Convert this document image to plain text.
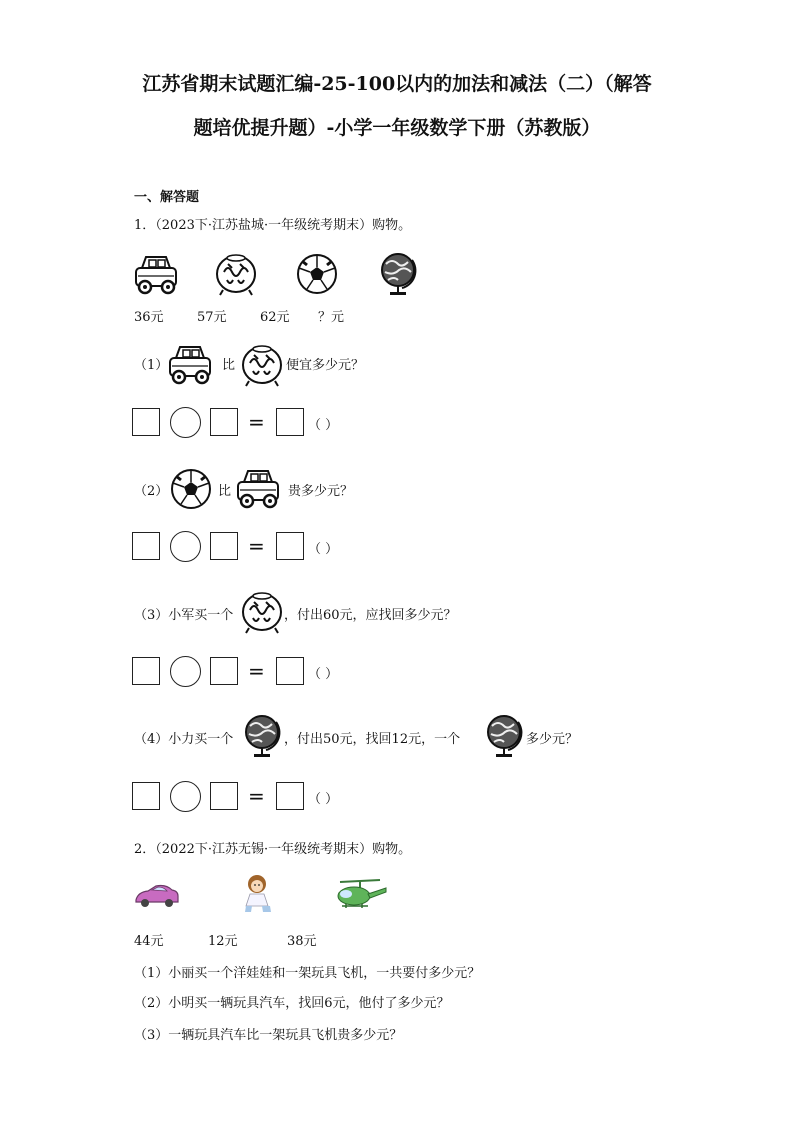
江苏省期末试题汇编-25-100以内的加法和减法（二）（解答
题培优提升题）-小学一年级数学下册（苏教版）
一、解答题
1．（2023下·江苏盐城·一年级统考期末）购物。
36元	57元	62元 ？元
（1）	比	便宜多少元？
=	（ ）
（2）	比	贵多少元？
=	（ ）
（3）小军买一个	，付出60元，应找回多少元？
=	（ ）
（4）小力买一个	，付出50元，找回12元，一个	多少元？
=	（ ）
2．（2022下·江苏无锡·一年级统考期末）购物。
44元	12元	38元
（1）小丽买一个洋娃娃和一架玩具飞机，一共要付多少元？
（2）小明买一辆玩具汽车，找回6元，他付了多少元？
（3）一辆玩具汽车比一架玩具飞机贵多少元？
